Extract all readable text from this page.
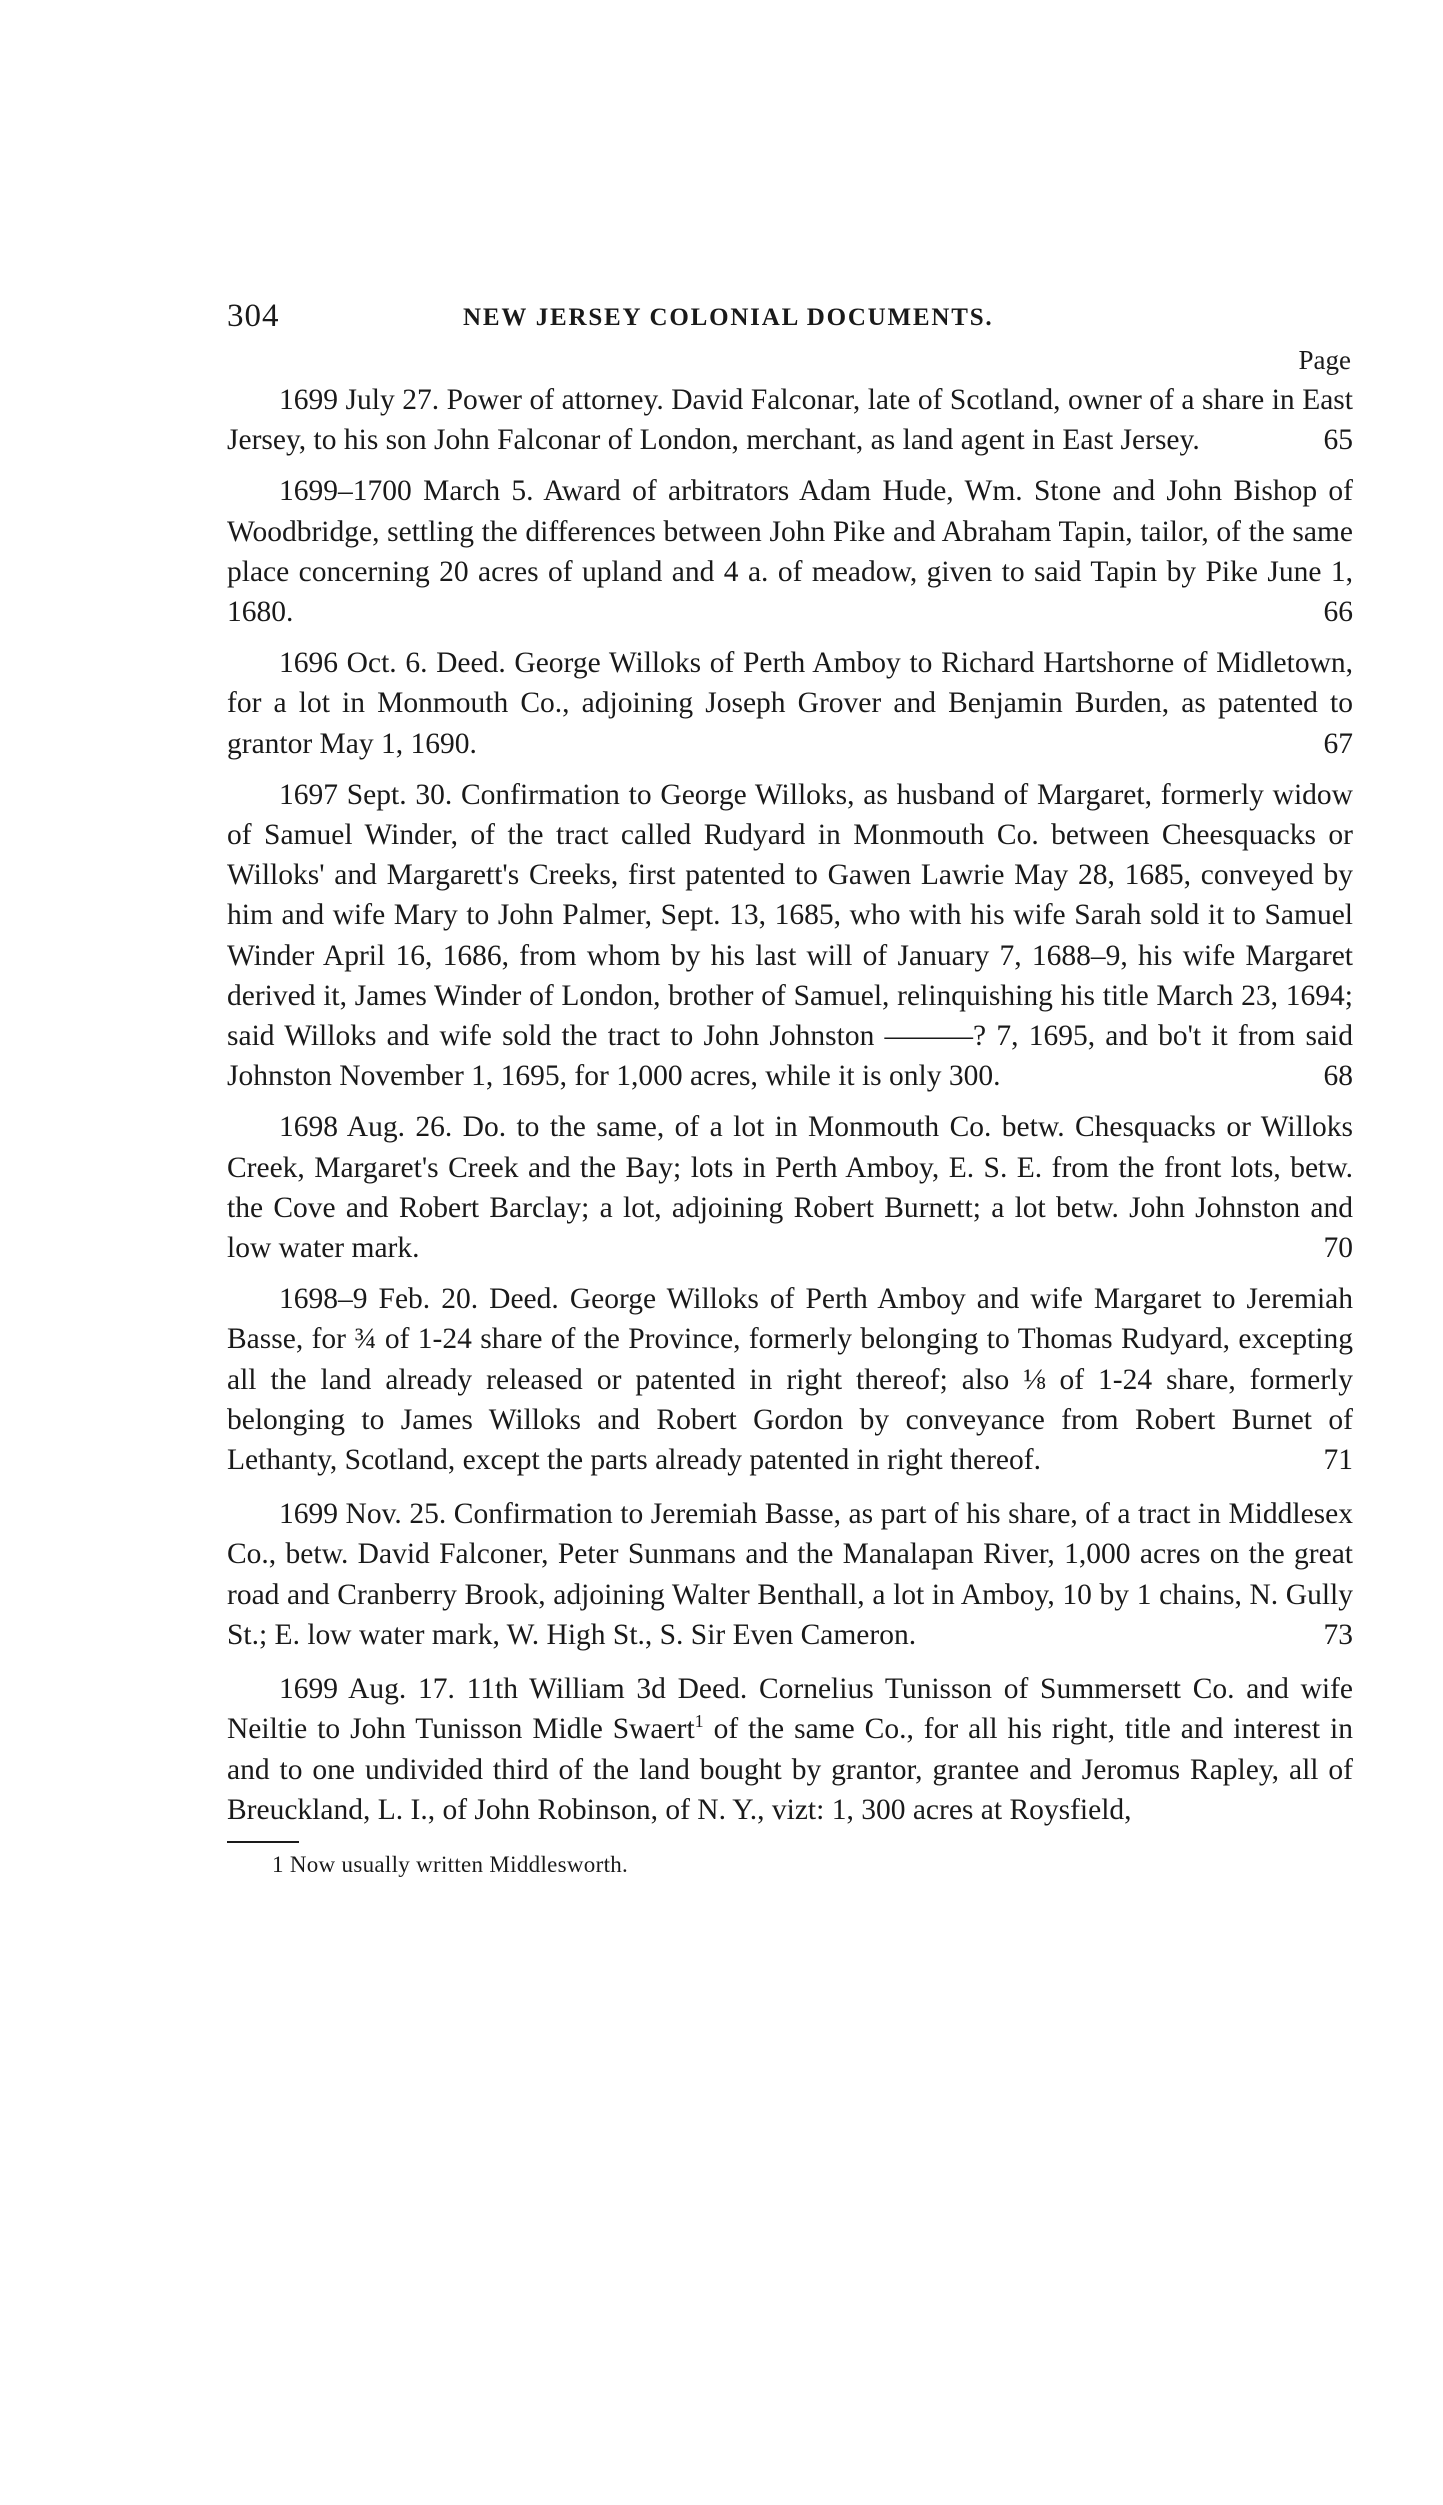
304	NEW JERSEY COLONIAL DOCUMENTS.
Page

1699 July 27. Power of attorney. David Falconar, late of Scotland, owner of a share in East Jersey, to his son John Falconar of London, merchant, as land agent in East Jersey.	65

1699–1700 March 5. Award of arbitrators Adam Hude, Wm. Stone and John Bishop of Woodbridge, settling the differences between John Pike and Abraham Tapin, tailor, of the same place concerning 20 acres of upland and 4 a. of meadow, given to said Tapin by Pike June 1, 1680.	66

1696 Oct. 6. Deed. George Willoks of Perth Amboy to Richard Hartshorne of Midletown, for a lot in Monmouth Co., adjoining Joseph Grover and Benjamin Burden, as patented to grantor May 1, 1690.	67

1697 Sept. 30. Confirmation to George Willoks, as husband of Margaret, formerly widow of Samuel Winder, of the tract called Rudyard in Monmouth Co. between Cheesquacks or Willoks' and Margarett's Creeks, first patented to Gawen Lawrie May 28, 1685, conveyed by him and wife Mary to John Palmer, Sept. 13, 1685, who with his wife Sarah sold it to Samuel Winder April 16, 1686, from whom by his last will of January 7, 1688–9, his wife Margaret derived it, James Winder of London, brother of Samuel, relinquishing his title March 23, 1694; said Willoks and wife sold the tract to John Johnston ———? 7, 1695, and bo't it from said Johnston November 1, 1695, for 1,000 acres, while it is only 300.	68

1698 Aug. 26. Do. to the same, of a lot in Monmouth Co. betw. Chesquacks or Willoks Creek, Margaret's Creek and the Bay; lots in Perth Amboy, E. S. E. from the front lots, betw. the Cove and Robert Barclay; a lot, adjoining Robert Burnett; a lot betw. John Johnston and low water mark.	70

1698–9 Feb. 20. Deed. George Willoks of Perth Amboy and wife Margaret to Jeremiah Basse, for ¾ of 1-24 share of the Province, formerly belonging to Thomas Rudyard, excepting all the land already released or patented in right thereof; also ⅛ of 1-24 share, formerly belonging to James Willoks and Robert Gordon by conveyance from Robert Burnet of Lethanty, Scotland, except the parts already patented in right thereof.	71

1699 Nov. 25. Confirmation to Jeremiah Basse, as part of his share, of a tract in Middlesex Co., betw. David Falconer, Peter Sunmans and the Manalapan River, 1,000 acres on the great road and Cranberry Brook, adjoining Walter Benthall, a lot in Amboy, 10 by 1 chains, N. Gully St.; E. low water mark, W. High St., S. Sir Even Cameron.	73

1699 Aug. 17. 11th William 3d Deed. Cornelius Tunisson of Summersett Co. and wife Neiltie to John Tunisson Midle Swaert$^1$ of the same Co., for all his right, title and interest in and to one undivided third of the land bought by grantor, grantee and Jeromus Rapley, all of Breuckland, L. I., of John Robinson, of N. Y., vizt: 1, 300 acres at Roysfield,

1 Now usually written Middlesworth.
